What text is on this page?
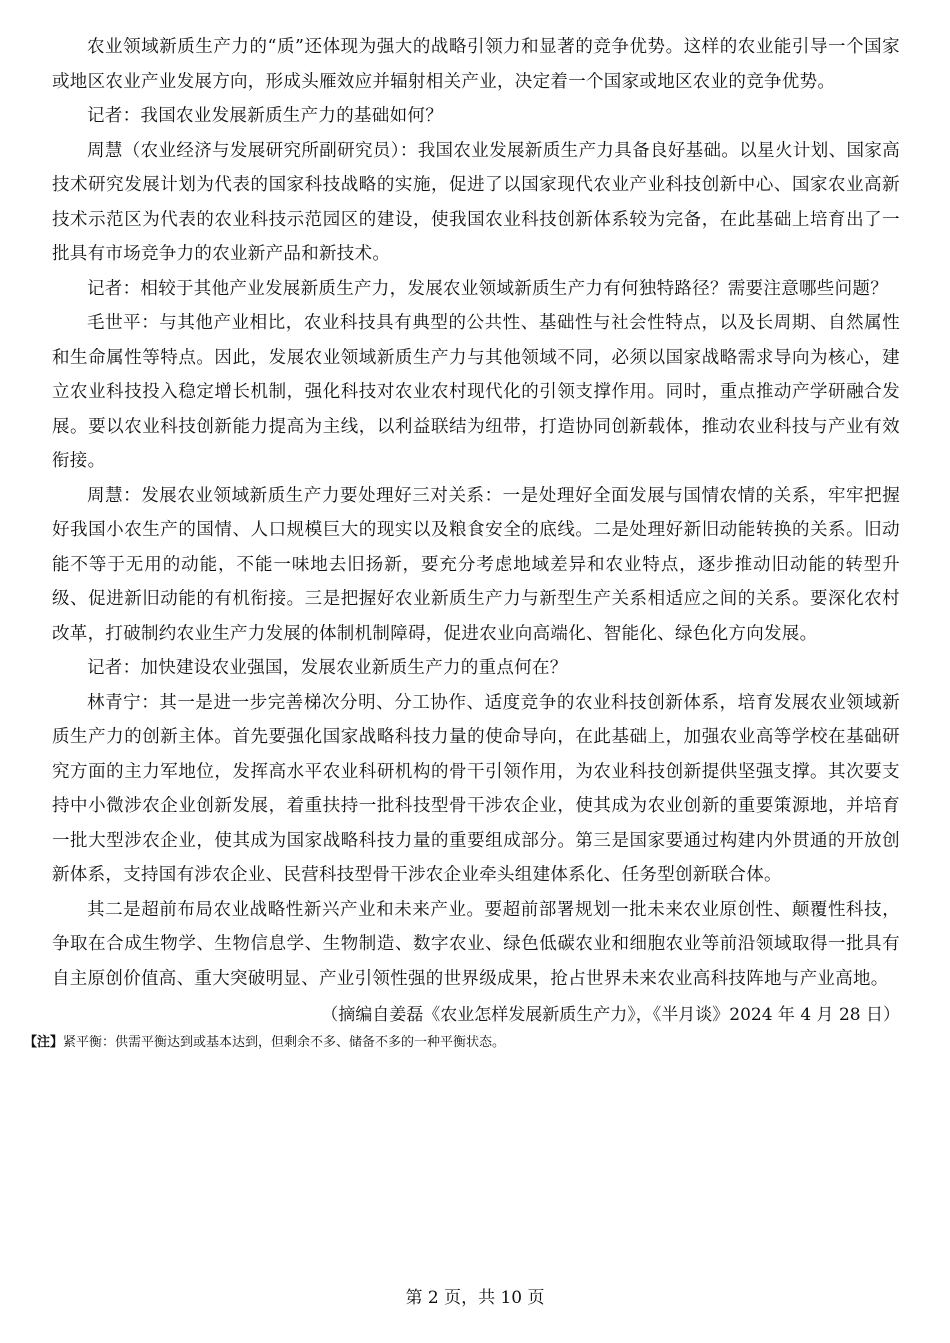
农业领域新质生产力的“质”还体现为强大的战略引领力和显著的竞争优势。这样的农业能引导一个国家或地区农业产业发展方向，形成头雁效应并辐射相关产业，决定着一个国家或地区农业的竞争优势。

记者：我国农业发展新质生产力的基础如何？

周慧（农业经济与发展研究所副研究员）：我国农业发展新质生产力具备良好基础。以星火计划、国家高技术研究发展计划为代表的国家科技战略的实施，促进了以国家现代农业产业科技创新中心、国家农业高新技术示范区为代表的农业科技示范园区的建设，使我国农业科技创新体系较为完备，在此基础上培育出了一批具有市场竞争力的农业新产品和新技术。

记者：相较于其他产业发展新质生产力，发展农业领域新质生产力有何独特路径？需要注意哪些问题？

毛世平：与其他产业相比，农业科技具有典型的公共性、基础性与社会性特点，以及长周期、自然属性和生命属性等特点。因此，发展农业领域新质生产力与其他领域不同，必须以国家战略需求导向为核心，建立农业科技投入稳定增长机制，强化科技对农业农村现代化的引领支撑作用。同时，重点推动产学研融合发展。要以农业科技创新能力提高为主线，以利益联结为纽带，打造协同创新载体，推动农业科技与产业有效衔接。

周慧：发展农业领域新质生产力要处理好三对关系：一是处理好全面发展与国情农情的关系，牢牢把握好我国小农生产的国情、人口规模巨大的现实以及粮食安全的底线。二是处理好新旧动能转换的关系。旧动能不等于无用的动能，不能一味地去旧扬新，要充分考虑地域差异和农业特点，逐步推动旧动能的转型升级、促进新旧动能的有机衔接。三是把握好农业新质生产力与新型生产关系相适应之间的关系。要深化农村改革，打破制约农业生产力发展的体制机制障碍，促进农业向高端化、智能化、绿色化方向发展。

记者：加快建设农业强国，发展农业新质生产力的重点何在？

林青宁：其一是进一步完善梯次分明、分工协作、适度竞争的农业科技创新体系，培育发展农业领域新质生产力的创新主体。首先要强化国家战略科技力量的使命导向，在此基础上，加强农业高等学校在基础研究方面的主力军地位，发挥高水平农业科研机构的骨干引领作用，为农业科技创新提供坚强支撑。其次要支持中小微涉农企业创新发展，着重扶持一批科技型骨干涉农企业，使其成为农业创新的重要策源地，并培育一批大型涉农企业，使其成为国家战略科技力量的重要组成部分。第三是国家要通过构建内外贯通的开放创新体系，支持国有涉农企业、民营科技型骨干涉农企业牵头组建体系化、任务型创新联合体。

其二是超前布局农业战略性新兴产业和未来产业。要超前部署规划一批未来农业原创性、颠覆性科技，争取在合成生物学、生物信息学、生物制造、数字农业、绿色低碳农业和细胞农业等前沿领域取得一批具有自主原创价值高、重大突破明显、产业引领性强的世界级成果，抢占世界未来农业高科技阵地与产业高地。

（摘编自姜磊《农业怎样发展新质生产力》，《半月谈》2024 年 4 月 28 日）

【注】紧平衡：供需平衡达到或基本达到，但剩余不多、储备不多的一种平衡状态。

第 2 页，共 10 页
